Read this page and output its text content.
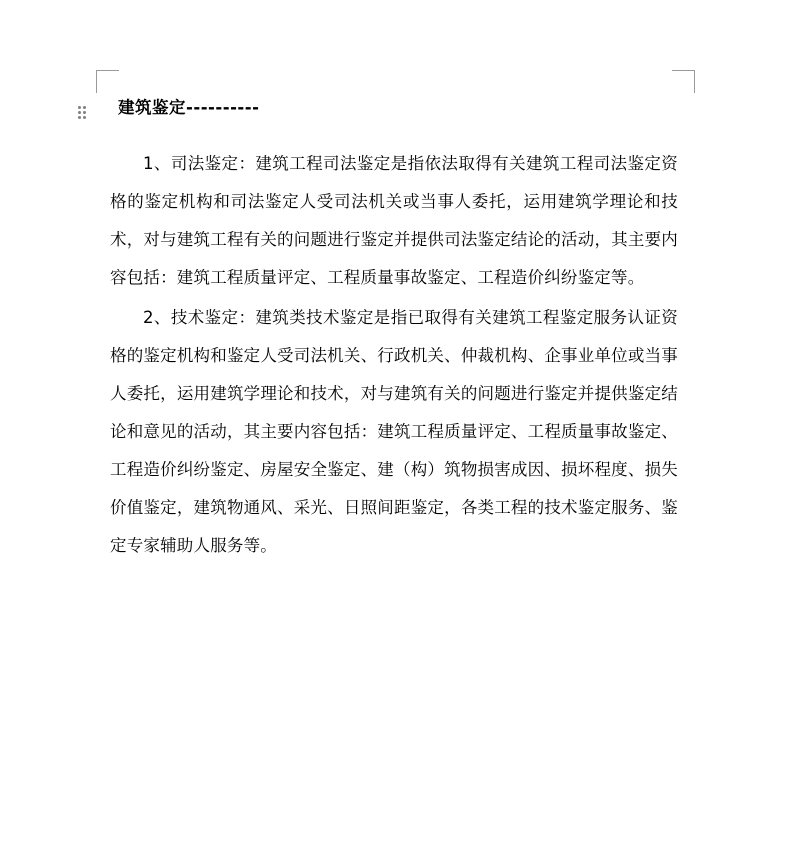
建筑鉴定----------

1、司法鉴定：建筑工程司法鉴定是指依法取得有关建筑工程司法鉴定资格的鉴定机构和司法鉴定人受司法机关或当事人委托，运用建筑学理论和技术，对与建筑工程有关的问题进行鉴定并提供司法鉴定结论的活动，其主要内容包括：建筑工程质量评定、工程质量事故鉴定、工程造价纠纷鉴定等。

2、技术鉴定：建筑类技术鉴定是指已取得有关建筑工程鉴定服务认证资格的鉴定机构和鉴定人受司法机关、行政机关、仲裁机构、企事业单位或当事人委托，运用建筑学理论和技术，对与建筑有关的问题进行鉴定并提供鉴定结论和意见的活动，其主要内容包括：建筑工程质量评定、工程质量事故鉴定、工程造价纠纷鉴定、房屋安全鉴定、建（构）筑物损害成因、损坏程度、损失价值鉴定，建筑物通风、采光、日照间距鉴定，各类工程的技术鉴定服务、鉴定专家辅助人服务等。
